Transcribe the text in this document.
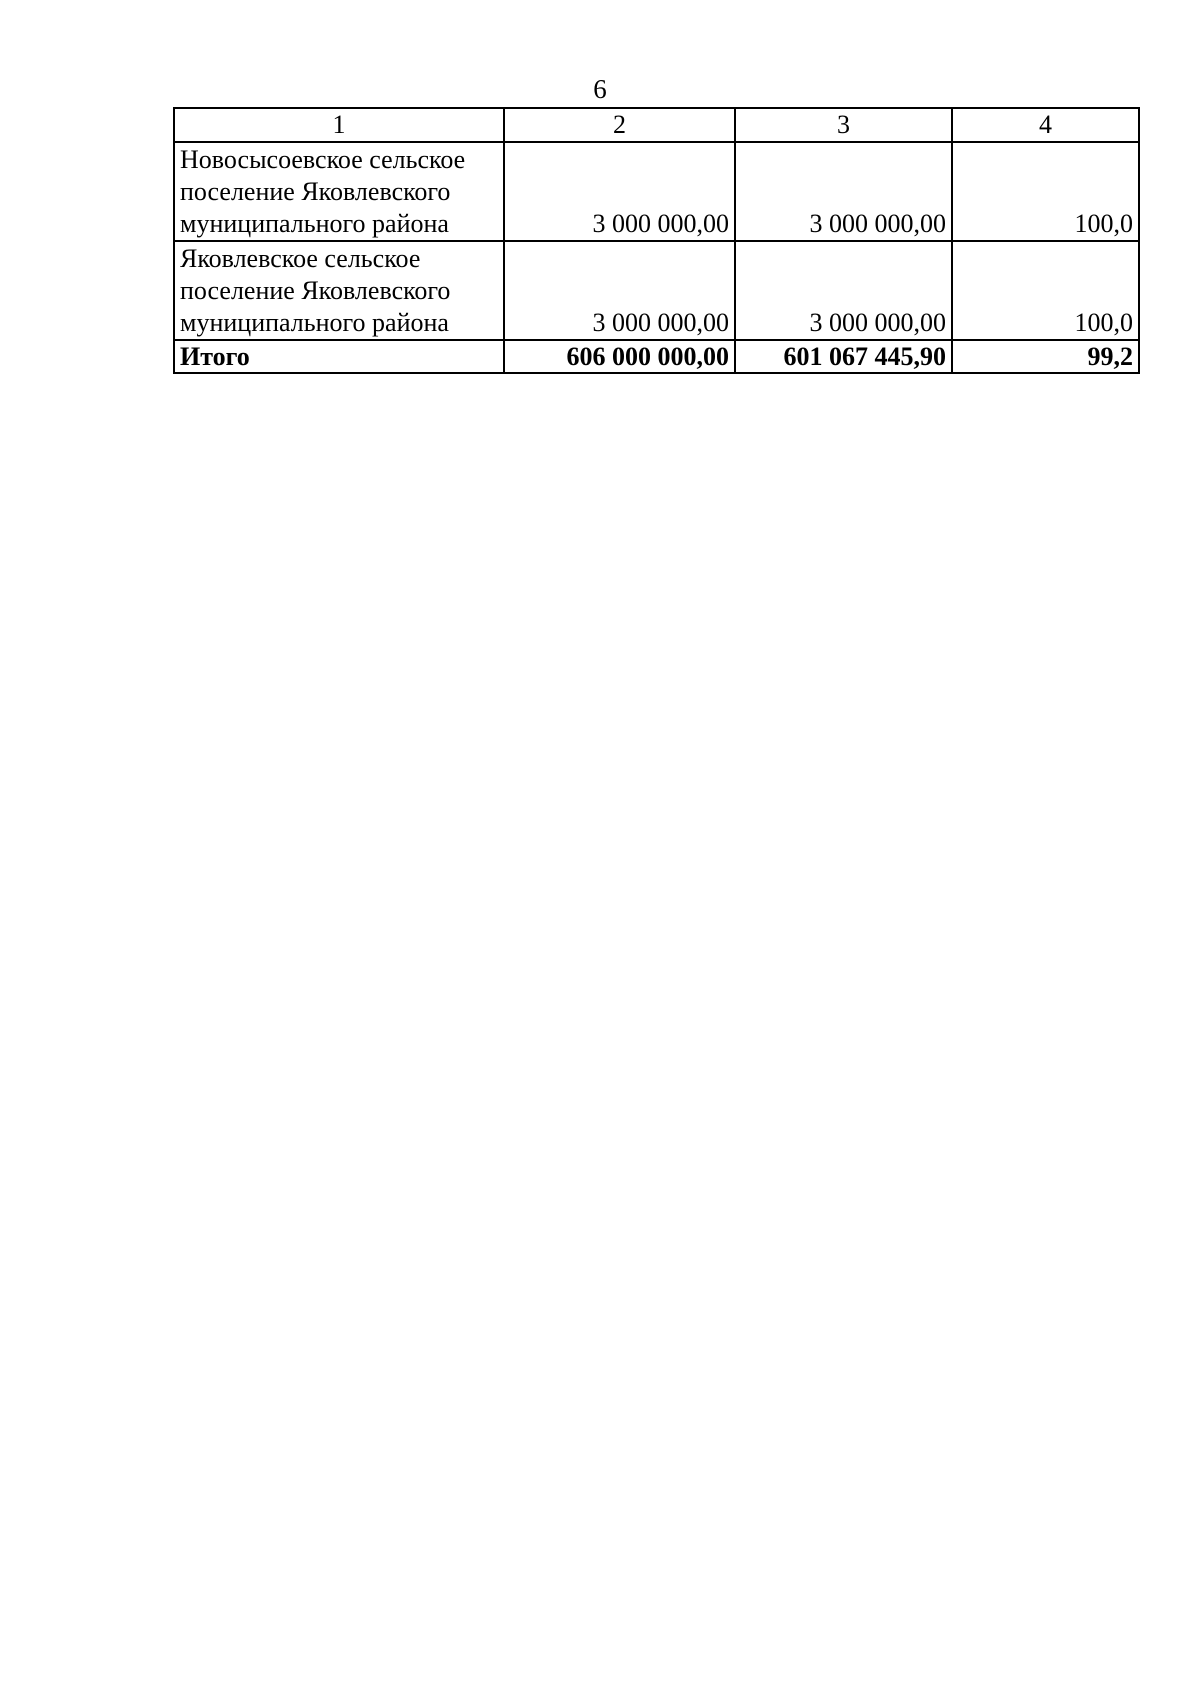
6
1	2	3	4

Новосысоевское сельское
поселение Яковлевского
муниципального района	3 000 000,00	3 000 000,00	100,0

Яковлевское сельское
поселение Яковлевского
муниципального района	3 000 000,00	3 000 000,00	100,0
Итого	606 000 000,00	601 067 445,90	99,2
